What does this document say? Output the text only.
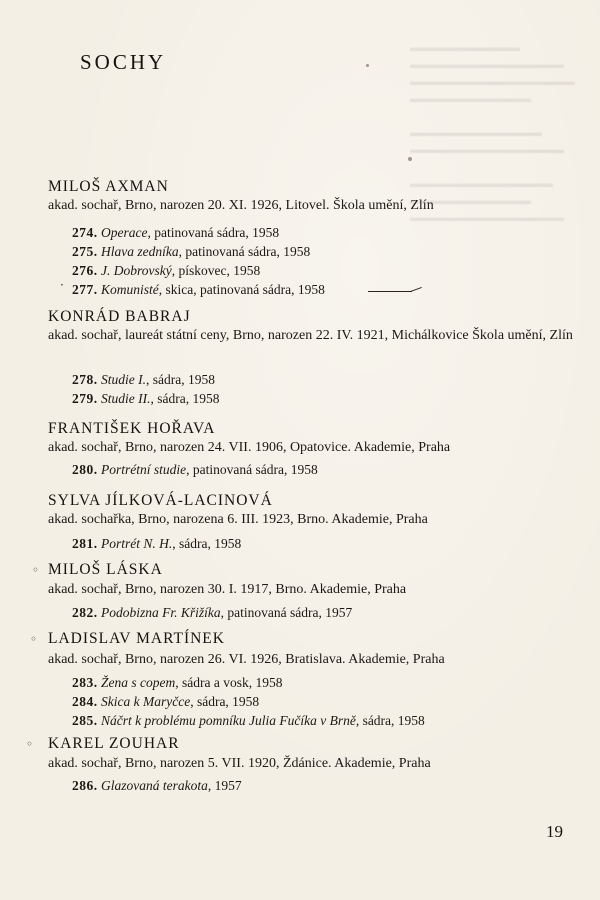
▬▬▬▬▬▬▬▬▬▬
▬▬▬▬▬▬▬▬▬▬▬▬▬▬
▬▬▬▬▬▬▬▬▬▬▬▬▬▬▬
▬▬▬▬▬▬▬▬▬▬▬

▬▬▬▬▬▬▬▬▬▬▬▬
▬▬▬▬▬▬▬▬▬▬▬▬▬▬

▬▬▬▬▬▬▬▬▬▬▬▬▬
▬▬▬▬▬▬▬▬▬▬▬
▬▬▬▬▬▬▬▬▬▬▬▬▬▬
SOCHY
MILOŠ AXMAN
akad. sochař, Brno, narozen 20. XI. 1926, Litovel. Škola umění, Zlín
274. Operace, patinovaná sádra, 1958
275. Hlava zedníka, patinovaná sádra, 1958
276. J. Dobrovský, pískovec, 1958
277. Komunisté, skica, patinovaná sádra, 1958
·
KONRÁD BABRAJ
akad. sochař, laureát státní ceny, Brno, narozen 22. IV. 1921, Michálkovice Škola umění, Zlín
278. Studie I., sádra, 1958
279. Studie II., sádra, 1958
FRANTIŠEK HOŘAVA
akad. sochař, Brno, narozen 24. VII. 1906, Opatovice. Akademie, Praha
280. Portrétní studie, patinovaná sádra, 1958
SYLVA JÍLKOVÁ-LACINOVÁ
akad. sochařka, Brno, narozena 6. III. 1923, Brno. Akademie, Praha
281. Portrét N. H., sádra, 1958
◦ MILOŠ LÁSKA
akad. sochař, Brno, narozen 30. I. 1917, Brno. Akademie, Praha
282. Podobizna Fr. Křižíka, patinovaná sádra, 1957
◦ LADISLAV MARTÍNEK
akad. sochař, Brno, narozen 26. VI. 1926, Bratislava. Akademie, Praha
283. Žena s copem, sádra a vosk, 1958
284. Skica k Maryčce, sádra, 1958
285. Náčrt k problému pomníku Julia Fučíka v Brně, sádra, 1958
◦ KAREL ZOUHAR
akad. sochař, Brno, narozen 5. VII. 1920, Ždánice. Akademie, Praha
286. Glazovaná terakota, 1957
19
